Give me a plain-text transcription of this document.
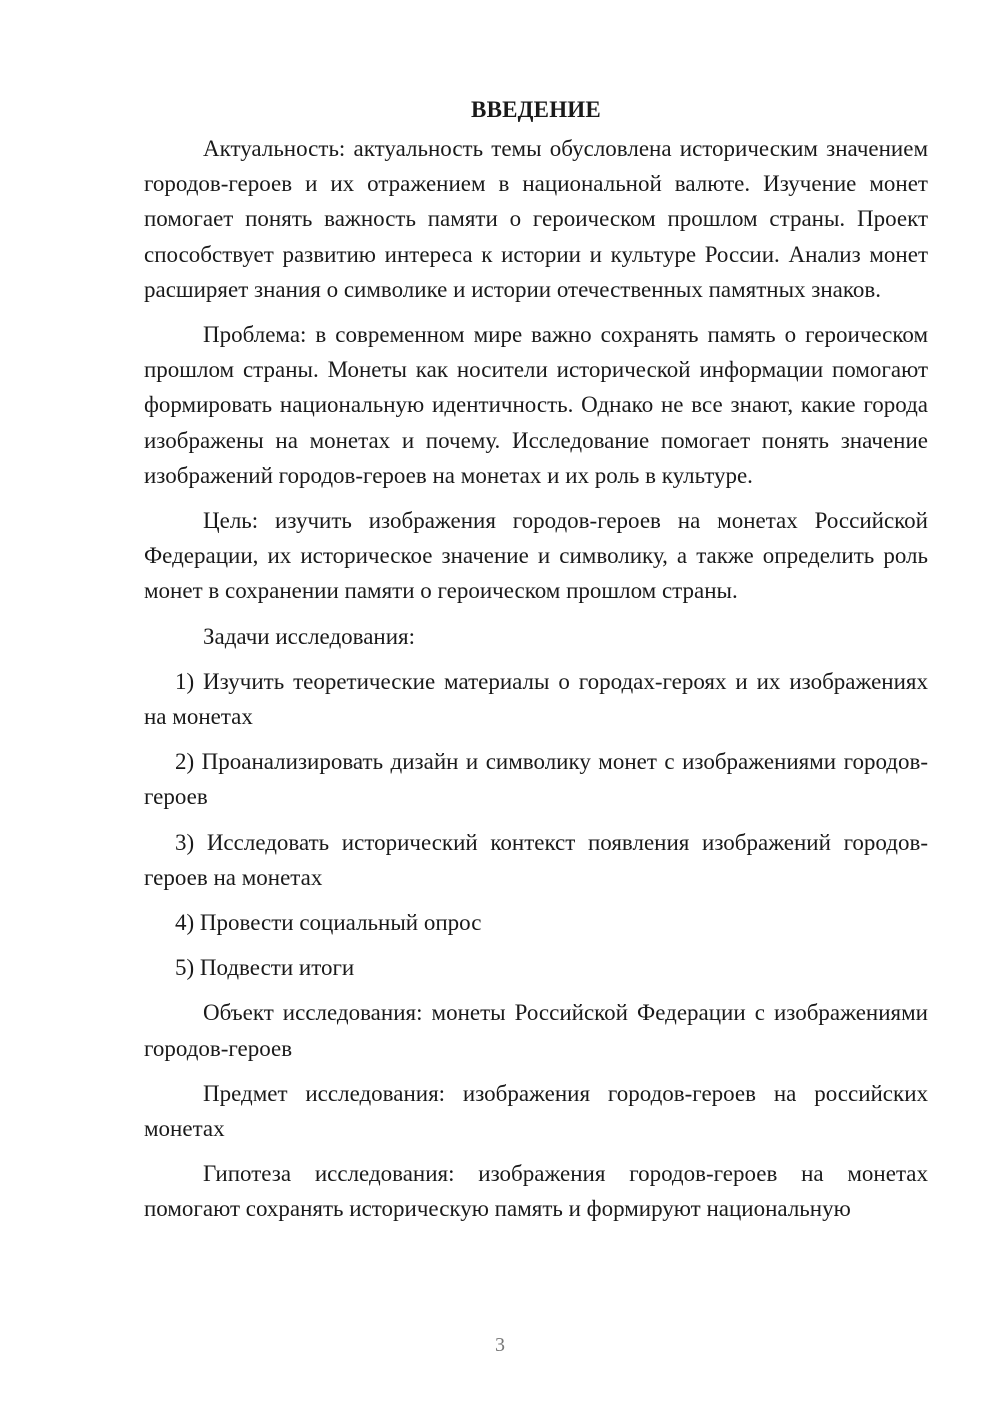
ВВЕДЕНИЕ

Актуальность: актуальность темы обусловлена историческим значением городов-героев и их отражением в национальной валюте. Изучение монет помогает понять важность памяти о героическом прошлом страны. Проект способствует развитию интереса к истории и культуре России. Анализ монет расширяет знания о символике и истории отечественных памятных знаков.

Проблема: в современном мире важно сохранять память о героическом прошлом страны. Монеты как носители исторической информации помогают формировать национальную идентичность. Однако не все знают, какие города изображены на монетах и почему. Исследование помогает понять значение изображений городов-героев на монетах и их роль в культуре.

Цель: изучить изображения городов-героев на монетах Российской Федерации, их историческое значение и символику, а также определить роль монет в сохранении памяти о героическом прошлом страны.

Задачи исследования:

1) Изучить теоретические материалы о городах-героях и их изображениях на монетах

2) Проанализировать дизайн и символику монет с изображениями городов-героев

3) Исследовать исторический контекст появления изображений городов-героев на монетах

4) Провести социальный опрос

5) Подвести итоги

Объект исследования: монеты Российской Федерации с изображениями городов-героев

Предмет исследования: изображения городов-героев на российских монетах

Гипотеза исследования: изображения городов-героев на монетах помогают сохранять историческую память и формируют национальную

3
